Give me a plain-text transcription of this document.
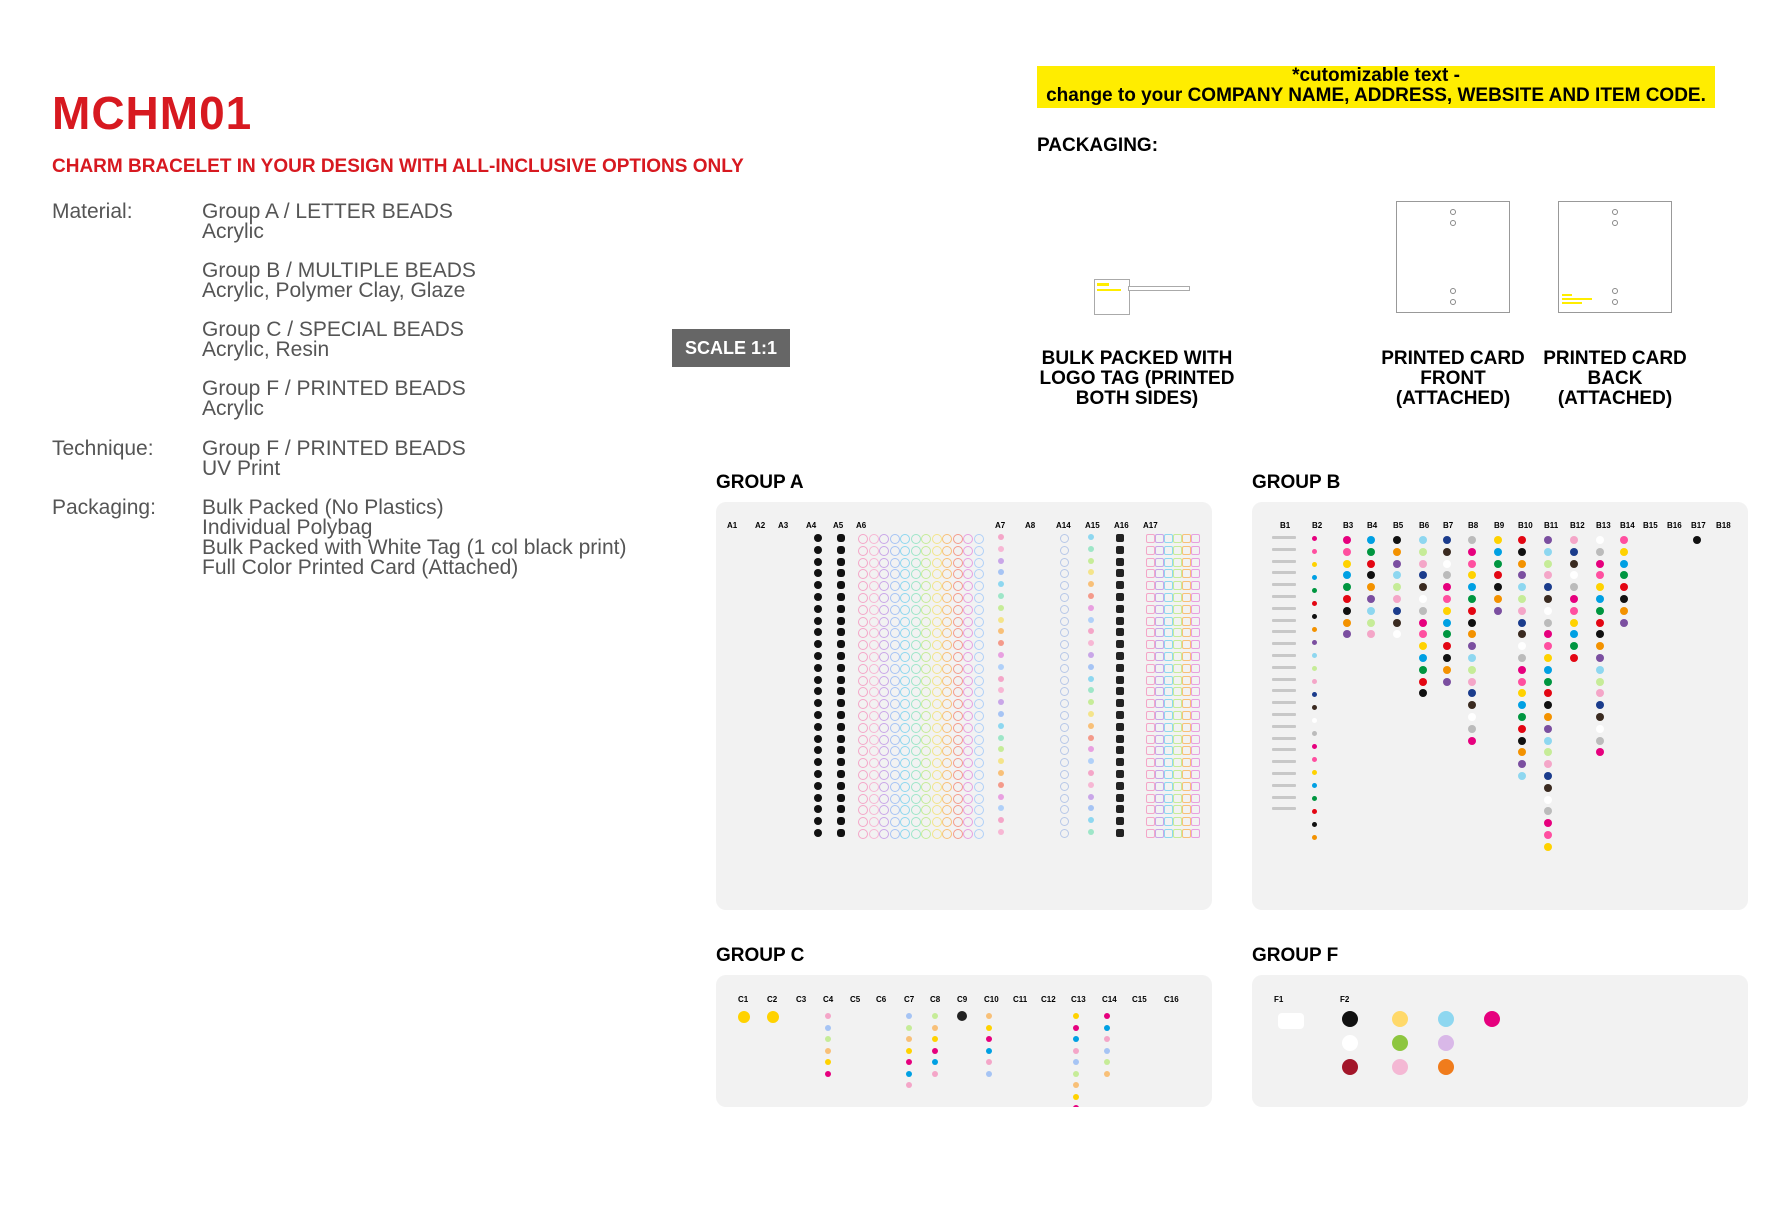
MCHM01
CHARM BRACELET IN YOUR DESIGN WITH ALL-INCLUSIVE OPTIONS ONLY
Material:	Group A / LETTER BEADS
Acrylic
Group B / MULTIPLE BEADS
Acrylic, Polymer Clay, Glaze
Group C / SPECIAL BEADS
Acrylic, Resin
Group F / PRINTED BEADS
Acrylic
Technique: Group F / PRINTED BEADS
UV Print
Packaging: Bulk Packed (No Plastics)
Individual Polybag
Bulk Packed with White Tag (1 col black print)
Full Color Printed Card (Attached)
SCALE 1:1
*cutomizable text -
change to your COMPANY NAME, ADDRESS, WEBSITE AND ITEM CODE.
PACKAGING:
BULK PACKED WITH LOGO TAG (PRINTED BOTH SIDES)
PRINTED CARD FRONT (ATTACHED)
PRINTED CARD BACK (ATTACHED)
GROUP A	GROUP B
GROUP C	GROUP F
A1 A2 A3 A4 A5 A6	A7 A8	A14 A15 A16 A17	B1	B2	B3 B4 B5 B6 B7 B8 B9 B10 B11 B12 B13 B14 B15 B16 B17 B18
C1 C2 C3 C4 C5 C6 C7 C8 C9 C10 C11 C12 C13 C14 C15 C16	F1	F2
